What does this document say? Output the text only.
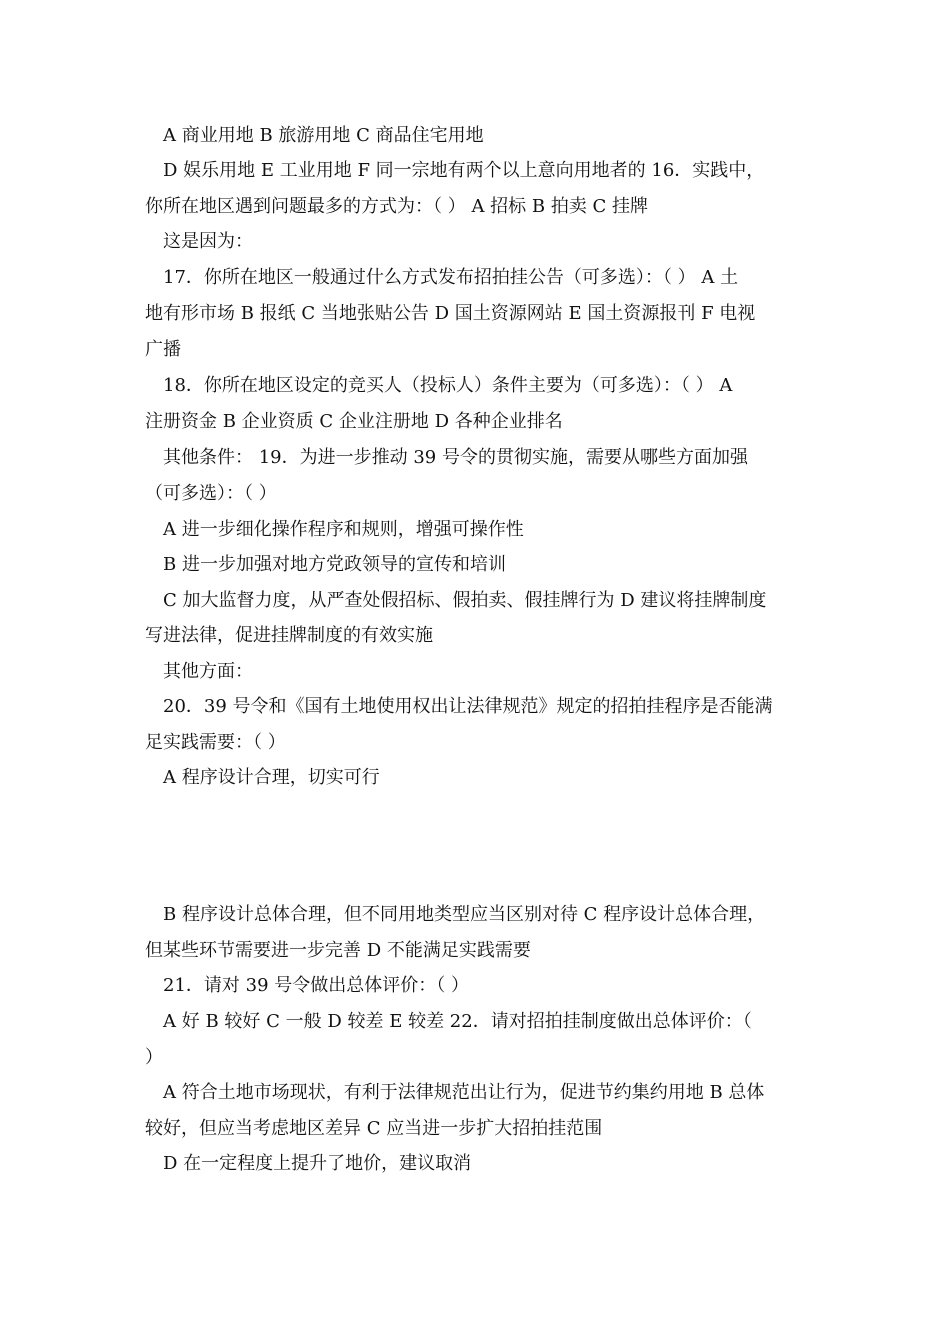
A 商业用地 B 旅游用地 C 商品住宅用地
D 娱乐用地 E 工业用地 F 同一宗地有两个以上意向用地者的 16．实践中，
你所在地区遇到问题最多的方式为：（ ） A 招标 B 拍卖 C 挂牌
这是因为：
17．你所在地区一般通过什么方式发布招拍挂公告（可多选）：（ ） A 土
地有形市场 B 报纸 C 当地张贴公告 D 国土资源网站 E 国土资源报刊 F 电视
广播
18．你所在地区设定的竞买人（投标人）条件主要为（可多选）：（ ） A
注册资金 B 企业资质 C 企业注册地 D 各种企业排名
其他条件： 19．为进一步推动 39 号令的贯彻实施，需要从哪些方面加强
（可多选）：（ ）
A 进一步细化操作程序和规则，增强可操作性
B 进一步加强对地方党政领导的宣传和培训
C 加大监督力度，从严查处假招标、假拍卖、假挂牌行为 D 建议将挂牌制度
写进法律，促进挂牌制度的有效实施
其他方面：
20．39 号令和《国有土地使用权出让法律规范》规定的招拍挂程序是否能满
足实践需要：（ ）
A 程序设计合理，切实可行
B 程序设计总体合理，但不同用地类型应当区别对待 C 程序设计总体合理，
但某些环节需要进一步完善 D 不能满足实践需要
21．请对 39 号令做出总体评价：（ ）
A 好 B 较好 C 一般 D 较差 E 较差 22．请对招拍挂制度做出总体评价：（
）
A 符合土地市场现状，有利于法律规范出让行为，促进节约集约用地 B 总体
较好，但应当考虑地区差异 C 应当进一步扩大招拍挂范围
D 在一定程度上提升了地价，建议取消
